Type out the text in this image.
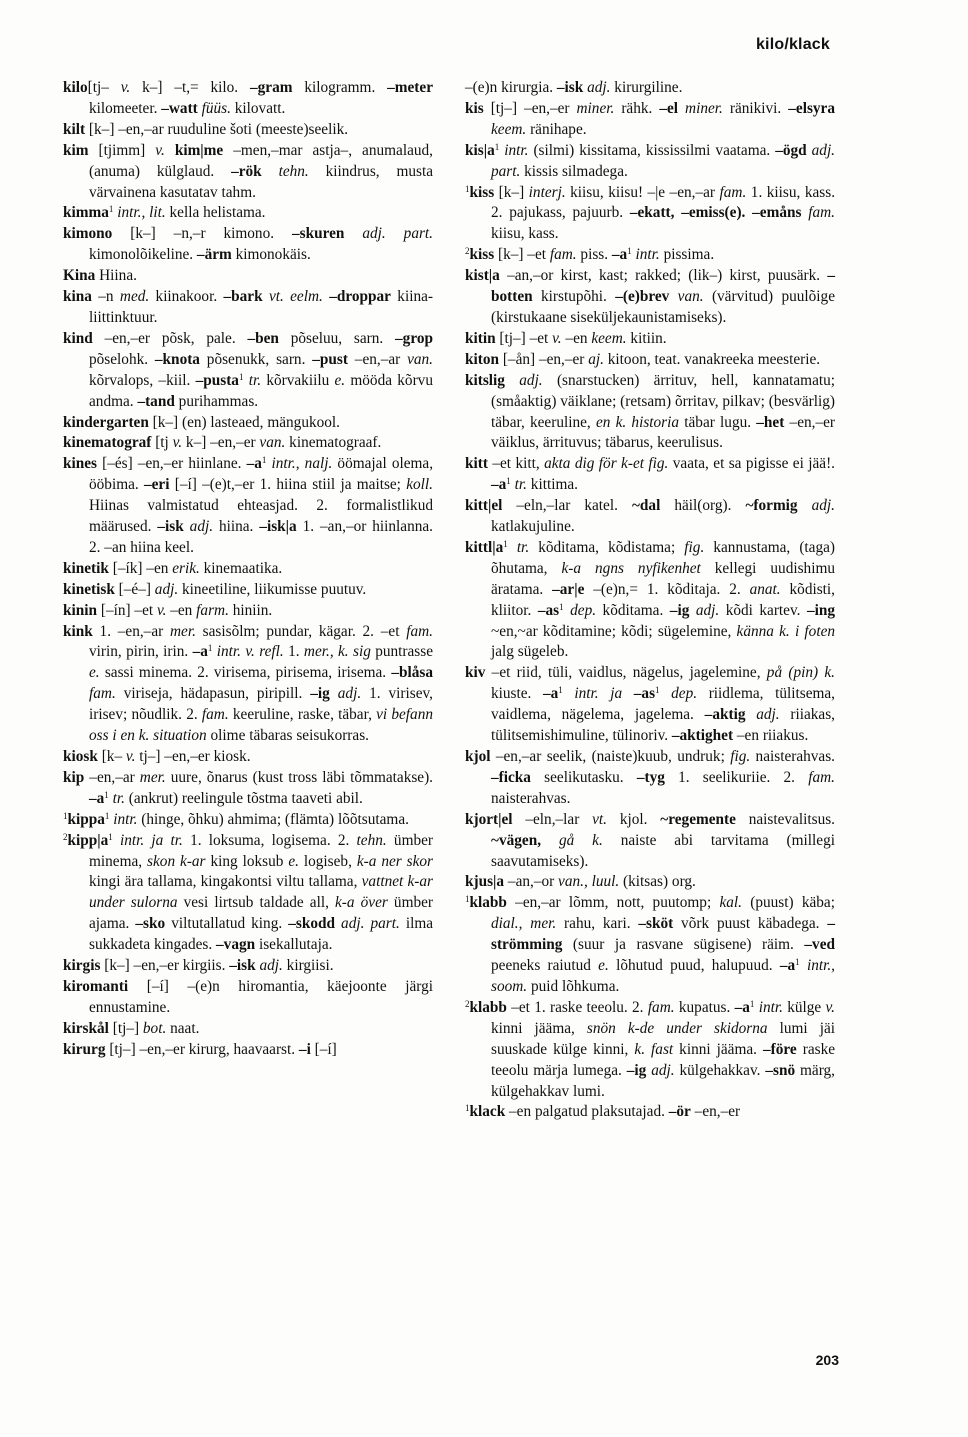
kilo/klack

kilo[tj– v. k–] –t,= kilo. –gram kilogramm. –meter kilomeeter. –watt füüs. kilovatt.

kilt [k–] –en,–ar ruuduline šoti (meeste)seelik.

kim [tjimm] v. kim|me –men,–mar astja–, anumalaud, (anuma) külglaud. –rök tehn. kiindrus, musta värvainena kasutatav tahm.

kimma$^1$ intr., lit. kella helistama.

kimono [k–] –n,–r kimono. –skuren adj. part. kimonolõikeline. –ärm kimonokäis.

Kina Hiina.

kina –n med. kiinakoor. –bark vt. eelm. –droppar kiina-liittinktuur.

kind –en,–er põsk, pale. –ben põseluu, sarn. –grop põselohk. –knota põsenukk, sarn. –pust –en,–ar van. kõrvalops, –kiil. –pusta$^1$ tr. kõrvakiilu e. mööda kõrvu andma. –tand purihammas.

kindergarten [k–] (en) lasteaed, mängukool.

kinematograf [tj v. k–] –en,–er van. kinematograaf.

kines [–és] –en,–er hiinlane. $-a^1$ intr., nalj. öömajal olema, ööbima. –eri [–í] –(e)t,–er 1. hiina stiil ja maitse; koll. Hiinas valmistatud ehteasjad. 2. formalistlikud määrused. –isk adj. hiina. –isk|a 1. –an,–or hiinlanna. 2. –an hiina keel.

kinetik [–ík] –en erik. kinemaatika.

kinetisk [–é–] adj. kineetiline, liikumisse puutuv.

kinin [–ín] –et v. –en farm. hiniin.

kink 1. –en,–ar mer. sasisõlm; pundar, kägar. 2. –et fam. virin, pirin, irin. $-a^1$ intr. v. refl. 1. mer., k. sig puntrasse e. sassi minema. 2. virisema, pirisema, irisema. –blåsa fam. viriseja, hädapasun, piripill. –ig adj. 1. virisev, irisev; nõudlik. 2. fam. keeruline, raske, täbar, vi befann oss i en k. situation olime täbaras seisukorras.

kiosk [k– v. tj–] –en,–er kiosk.

kip –en,–ar mer. uure, õnarus (kust tross läbi tõmmatakse). $-a^1$ tr. (ankrut) reelingule tõstma taaveti abil.

$^1$kippa$^1$ intr. (hinge, õhku) ahmima; (flämta) lõõtsutama.

$^2kipp|a^1$ intr. ja tr. 1. loksuma, logisema. 2. tehn. ümber minema, skon k-ar king loksub e. logiseb, k-a ner skor kingi ära tallama, kingakontsi viltu tallama, vattnet k-ar under sulorna vesi lirtsub taldade all, k-a över ümber ajama. –sko viltutallatud king. –skodd adj. part. ilma sukkadeta kingades. –vagn isekallutaja.

kirgis [k–] –en,–er kirgiis. –isk adj. kirgiisi.

kiromanti [–í] –(e)n hiromantia, käejoonte järgi ennustamine.

kirskål [tj–] bot. naat.

kirurg [tj–] –en,–er kirurg, haavaarst. –i [–í]

–(e)n kirurgia. –isk adj. kirurgiline.

kis [tj–] –en,–er miner. rähk. –el miner. ränikivi. –elsyra keem. ränihape.

$kis|a^1$ intr. (silmi) kissitama, kississilmi vaatama. –ögd adj. part. kissis silmadega.

$^1$kiss [k–] interj. kiisu, kiisu! –|e –en,–ar fam. 1. kiisu, kass. 2. pajukass, pajuurb. –ekatt, –emiss(e). –emåns fam. kiisu, kass.

$^2$kiss [k–] –et fam. piss. $-a^1$ intr. pissima.

kist|a –an,–or kirst, kast; rakked; (lik–) kirst, puusärk. –botten kirstupõhi. –(e)brev van. (värvitud) puulõige (kirstukaane siseküljekaunistamiseks).

kitin [tj–] –et v. –en keem. kitiin.

kiton [–ån] –en,–er aj. kitoon, teat. vanakreeka meesterie.

kitslig adj. (snarstucken) ärrituv, hell, kannatamatu; (småaktig) väiklane; (retsam) õrritav, pilkav; (besvärlig) täbar, keeruline, en k. historia täbar lugu. –het –en,–er väiklus, ärrituvus; täbarus, keerulisus.

kitt –et kitt, akta dig för k-et fig. vaata, et sa pigisse ei jää!. $-a^1$ tr. kittima.

kitt|el –eln,–lar katel. ~dal häil(org). ~formig adj. katlakujuline.

$kittl|a^1$ tr. kõditama, kõdistama; fig. kannustama, (taga) õhutama, k-a ngns nyfikenhet kellegi uudishimu äratama. –ar|e –(e)n,= 1. kõditaja. 2. anat. kõdisti, kliitor. $-as^1$ dep. kõditama. –ig adj. kõdi kartev. –ing ~en,~ar kõditamine; kõdi; sügelemine, känna k. i foten jalg sügeleb.

kiv –et riid, tüli, vaidlus, nägelus, jagelemine, på (pin) k. kiuste. $-a^1$ intr. ja $-as^1$ dep. riidlema, tülitsema, vaidlema, nägelema, jagelema. –aktig adj. riiakas, tülitsemishimuline, tülinoriv. –aktighet –en riiakus.

kjol –en,–ar seelik, (naiste)kuub, undruk; fig. naisterahvas. –ficka seelikutasku. –tyg 1. seelikuriie. 2. fam. naisterahvas.

kjort|el –eln,–lar vt. kjol. ~regemente naistevalitsus. ~vägen, gå k. naiste abi tarvitama (millegi saavutamiseks).

kjus|a –an,–or van., luul. (kitsas) org.

$^1$klabb –en,–ar lõmm, nott, puutomp; kal. (puust) käba; dial., mer. rahu, kari. –sköt võrk puust käbadega. –strömming (suur ja rasvane sügisene) räim. –ved peeneks raiutud e. lõhutud puud, halupuud. $-a^1$ intr., soom. puid lõhkuma.

$^2$klabb –et 1. raske teeolu. 2. fam. kupatus. $-a^1$ intr. külge v. kinni jääma, snön k-de under skidorna lumi jäi suuskade külge kinni, k. fast kinni jääma. –före raske teeolu märja lumega. –ig adj. külgehakkav. –snö märg, külgehakkav lumi.

$^1$klack –en palgatud plaksutajad. –ör –en,–er

203
